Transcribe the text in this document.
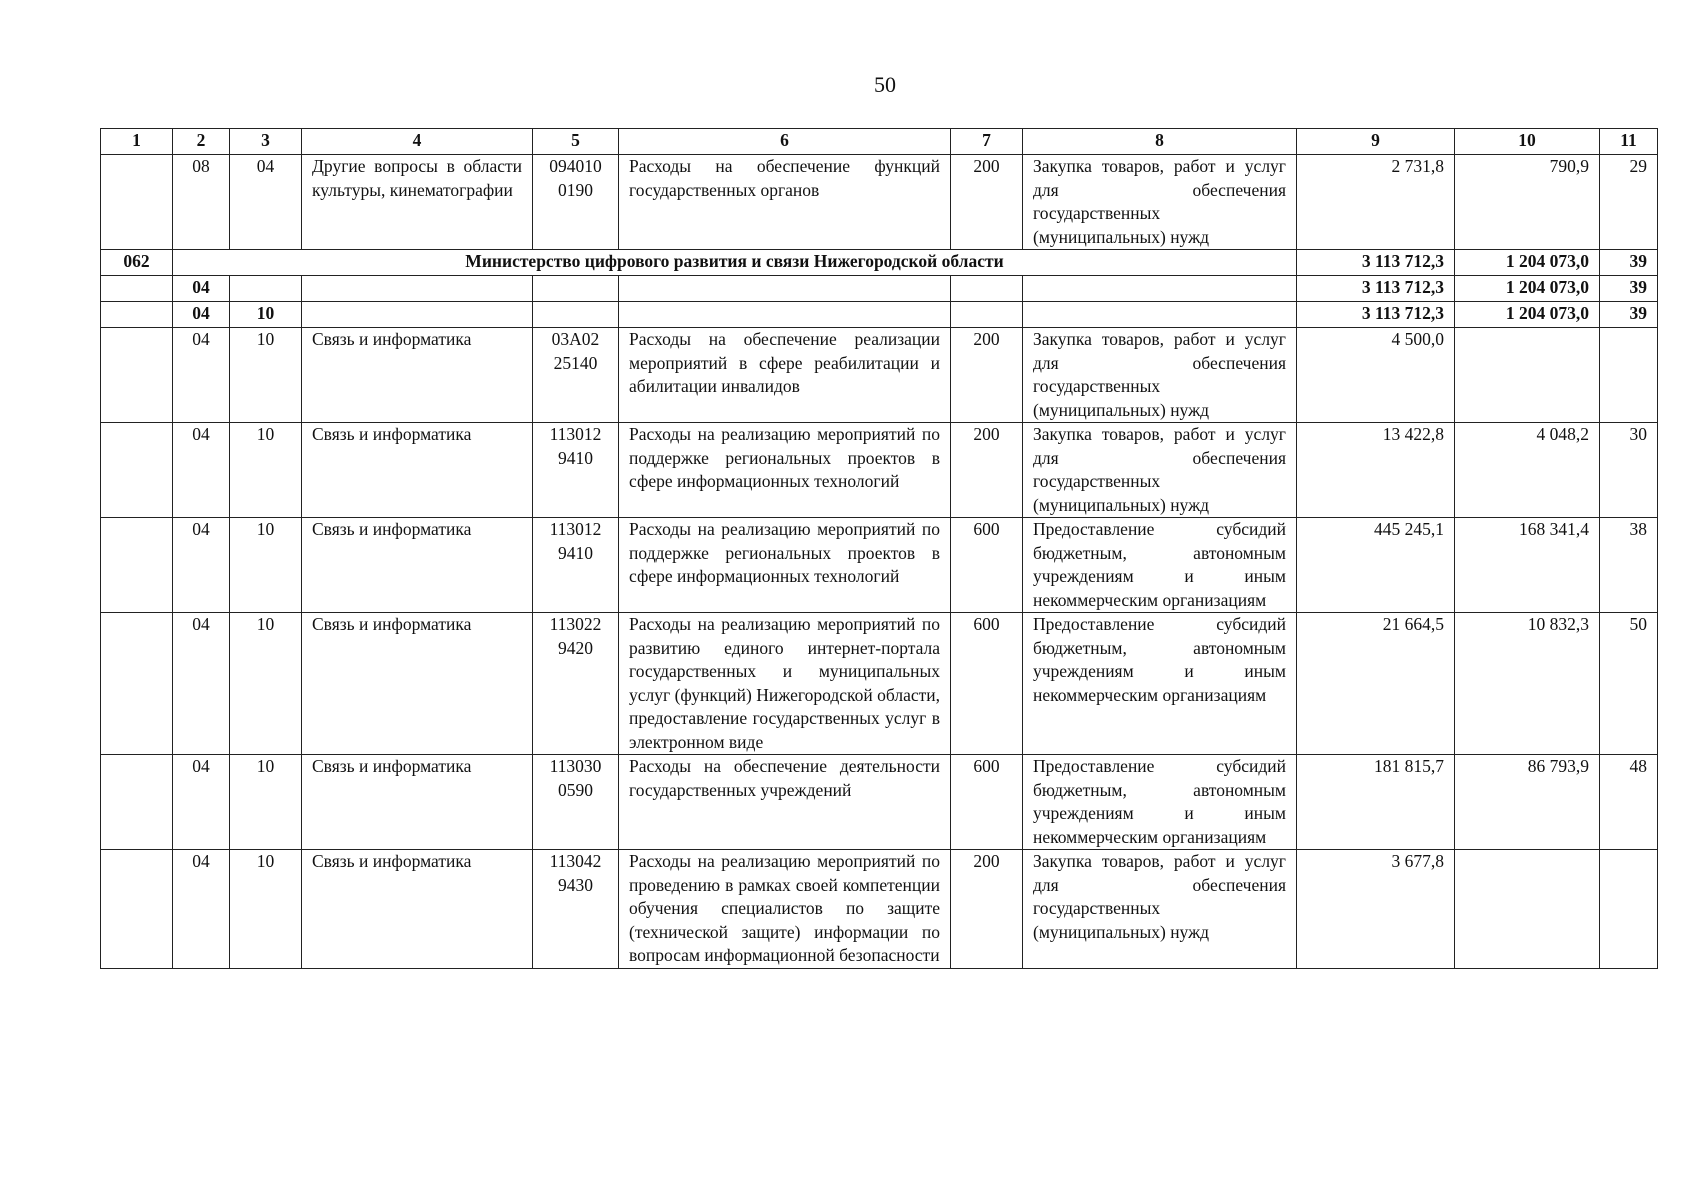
50
1	2	3	4	5	6	7	8	9	10	11
	08	04	Другие вопросы в области культуры, кинематографии	094010 0190	Расходы на обеспечение функций государственных органов	200	Закупка товаров, работ и услуг для обеспечения государственных (муниципальных) нужд	2 731,8	790,9	29
062	Министерство цифрового развития и связи Нижегородской области							3 113 712,3	1 204 073,0	39
	04							3 113 712,3	1 204 073,0	39
	04	10						3 113 712,3	1 204 073,0	39
	04	10	Связь и информатика	03А02 25140	Расходы на обеспечение реализации мероприятий в сфере реабилитации и абилитации инвалидов	200	Закупка товаров, работ и услуг для обеспечения государственных (муниципальных) нужд	4 500,0		
	04	10	Связь и информатика	113012 9410	Расходы на реализацию мероприятий по поддержке региональных проектов в сфере информационных технологий	200	Закупка товаров, работ и услуг для обеспечения государственных (муниципальных) нужд	13 422,8	4 048,2	30
	04	10	Связь и информатика	113012 9410	Расходы на реализацию мероприятий по поддержке региональных проектов в сфере информационных технологий	600	Предоставление субсидий бюджетным, автономным учреждениям и иным некоммерческим организациям	445 245,1	168 341,4	38
	04	10	Связь и информатика	113022 9420	Расходы на реализацию мероприятий по развитию единого интернет-портала государственных и муниципальных услуг (функций) Нижегородской области, предоставление государственных услуг в электронном виде	600	Предоставление субсидий бюджетным, автономным учреждениям и иным некоммерческим организациям	21 664,5	10 832,3	50
	04	10	Связь и информатика	113030 0590	Расходы на обеспечение деятельности государственных учреждений	600	Предоставление субсидий бюджетным, автономным учреждениям и иным некоммерческим организациям	181 815,7	86 793,9	48
	04	10	Связь и информатика	113042 9430	Расходы на реализацию мероприятий по проведению в рамках своей компетенции обучения специалистов по защите (технической защите) информации по вопросам информационной безопасности	200	Закупка товаров, работ и услуг для обеспечения государственных (муниципальных) нужд	3 677,8		
